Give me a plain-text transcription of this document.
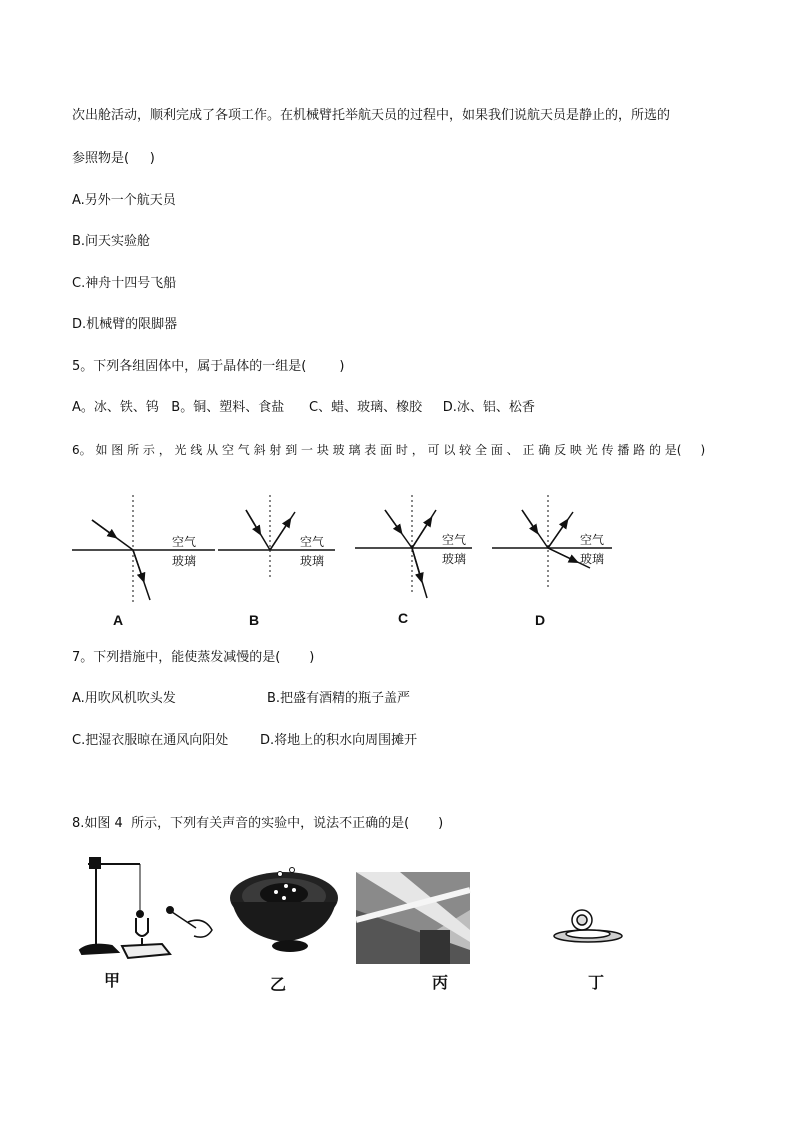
次出舱活动，顺利完成了各项工作。在机械臂托举航天员的过程中，如果我们说航天员是静止的，所选的
参照物是(     )
A.另外一个航天员
B.问天实验舱
C.神舟十四号飞船
D.机械臂的限脚器
5。下列各组固体中，属于晶体的一组是(        )
A。冰、铁、钨   B。铜、塑料、食盐      C、蜡、玻璃、橡胶     D.冰、铝、松香
6。 如 图 所 示 ， 光 线 从 空 气 斜 射 到 一 块 玻 璃 表 面 时 ， 可 以 较 全 面 、 正 确 反 映 光 传 播 路 的 是(     )
空气
玻璃
空气
玻璃
空气
玻璃
空气
玻璃
A	B	C	D
7。下列措施中，能使蒸发减慢的是(       )
A.用吹风机吹头发	B.把盛有酒精的瓶子盖严
C.把湿衣服晾在通风向阳处 D.将地上的积水向周围摊开
8.如图 4  所示，下列有关声音的实验中，说法不正确的是(       )
甲	乙	丙	丁
